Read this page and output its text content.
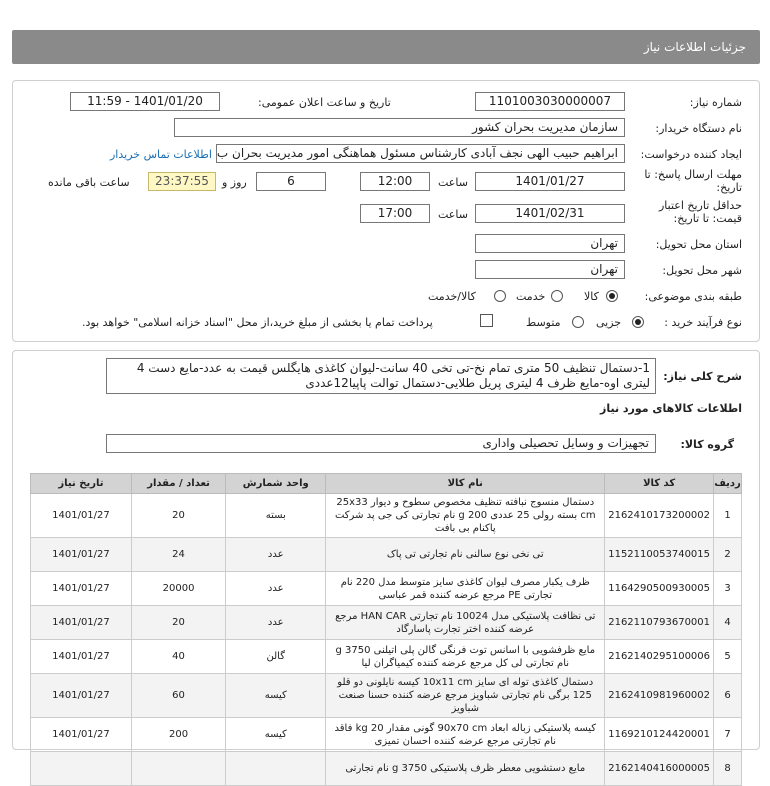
جزئیات اطلاعات نیاز
شماره نیاز:
1101003030000007
تاریخ و ساعت اعلان عمومی:
1401/01/20 - 11:59
نام دستگاه خریدار:
سازمان مدیریت بحران کشور
ایجاد کننده درخواست:
ابراهیم حبیب الهی نجف آبادی کارشناس مسئول هماهنگی امور مدیریت بحران ب
اطلاعات تماس خریدار
مهلت ارسال پاسخ: تا
تاریخ:
1401/01/27
ساعت
12:00
6
روز و
23:37:55
ساعت باقی مانده
حداقل تاریخ اعتبار
قیمت: تا تاریخ:
1401/02/31
ساعت
17:00
استان محل تحویل:
تهران
شهر محل تحویل:
تهران
طبقه بندی موضوعی:
کالا
خدمت
کالا/خدمت
نوع فرآیند خرید :
جزیی
متوسط
پرداخت تمام یا بخشی از مبلغ خرید،از محل "اسناد خزانه اسلامی" خواهد بود.
شرح کلی نیاز:
1-دستمال تنظیف 50 متری تمام نخ-تی تخی 40 سانت-لیوان کاغذی هایگلس قیمت به عدد-مایع دست 4 لیتری اوه-مایع ظرف 4 لیتری پریل طلایی-دستمال توالت پاپیا12عددی
اطلاعات کالاهای مورد نیاز
گروه کالا:
تجهیزات و وسایل تحصیلی واداری
ردیف	کد کالا	نام کالا	واحد شمارش	تعداد / مقدار	تاریخ نیاز
1	2162410173200002	دستمال منسوج نبافته تنظیف مخصوص سطوح و دیوار 25x33 cm بسته رولی 25 عددی 200 g نام تجارتی کی جی پد شرکت پاکنام بی بافت	بسته	20	1401/01/27
2	1152110053740015	تی نخی نوع سالنی نام تجارتی تی پاک	عدد	24	1401/01/27
3	1164290500930005	ظرف یکبار مصرف لیوان کاغذی سایز متوسط مدل 220 نام تجارتی PE مرجع عرضه کننده قمر عباسی	عدد	20000	1401/01/27
4	2162110793670001	تی نظافت پلاستیکی مدل 10024 نام تجارتی HAN CAR مرجع عرضه کننده اختر تجارت پاسارگاد	عدد	20	1401/01/27
5	2162140295100006	مایع ظرفشویی با اسانس توت فرنگی گالن پلی اتیلنی 3750 g نام تجارتی لی کل مرجع عرضه کننده کیمیاگران لیا	گالن	40	1401/01/27
6	2162410981960002	دستمال کاغذی توله ای سایز 10x11 cm کیسه نایلونی دو قلو 125 برگی نام تجارتی شباویز مرجع عرضه کننده حسنا صنعت شباویز	کیسه	60	1401/01/27
7	1169210124420001	کیسه پلاستیکی زباله ابعاد 90x70 cm گونی مقدار 20 kg فاقد نام تجارتی مرجع عرضه کننده احسان تمیزی	کیسه	200	1401/01/27
8	2162140416000005	مایع دستشویی معطر ظرف پلاستیکی 3750 g نام تجارتی			
